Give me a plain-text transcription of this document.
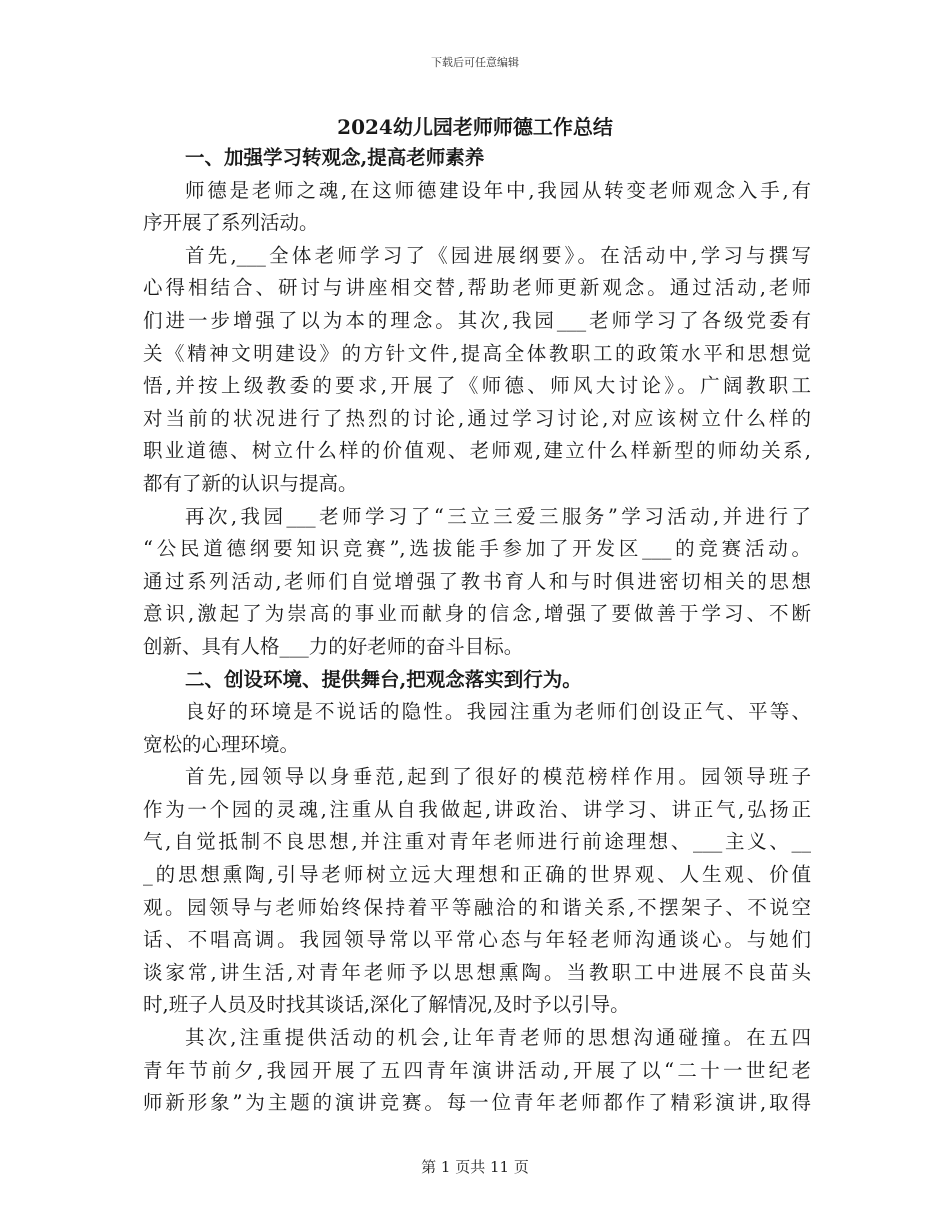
下载后可任意编辑
2024幼儿园老师师德工作总结
一、加强学习转观念,提高老师素养
师德是老师之魂,在这师德建设年中,我园从转变老师观念入手,有
序开展了系列活动。
首先,___全体老师学习了《园进展纲要》。在活动中,学习与撰写
心得相结合、研讨与讲座相交替,帮助老师更新观念。通过活动,老师
们进一步增强了以为本的理念。其次,我园___老师学习了各级党委有
关《精神文明建设》的方针文件,提高全体教职工的政策水平和思想觉
悟,并按上级教委的要求,开展了《师德、师风大讨论》。广阔教职工
对当前的状况进行了热烈的讨论,通过学习讨论,对应该树立什么样的
职业道德、树立什么样的价值观、老师观,建立什么样新型的师幼关系,
都有了新的认识与提高。
再次,我园___老师学习了“三立三爱三服务”学习活动,并进行了
“公民道德纲要知识竞赛”,选拔能手参加了开发区___的竞赛活动。
通过系列活动,老师们自觉增强了教书育人和与时俱进密切相关的思想
意识,激起了为崇高的事业而献身的信念,增强了要做善于学习、不断
创新、具有人格___力的好老师的奋斗目标。
二、创设环境、提供舞台,把观念落实到行为。
良好的环境是不说话的隐性。我园注重为老师们创设正气、平等、
宽松的心理环境。
首先,园领导以身垂范,起到了很好的模范榜样作用。园领导班子
作为一个园的灵魂,注重从自我做起,讲政治、讲学习、讲正气,弘扬正
气,自觉抵制不良思想,并注重对青年老师进行前途理想、___主义、__
_的思想熏陶,引导老师树立远大理想和正确的世界观、人生观、价值
观。园领导与老师始终保持着平等融洽的和谐关系,不摆架子、不说空
话、不唱高调。我园领导常以平常心态与年轻老师沟通谈心。与她们
谈家常,讲生活,对青年老师予以思想熏陶。当教职工中进展不良苗头
时,班子人员及时找其谈话,深化了解情况,及时予以引导。
其次,注重提供活动的机会,让年青老师的思想沟通碰撞。在五四
青年节前夕,我园开展了五四青年演讲活动,开展了以“二十一世纪老
师新形象”为主题的演讲竞赛。每一位青年老师都作了精彩演讲,取得
第 1 页共 11 页
